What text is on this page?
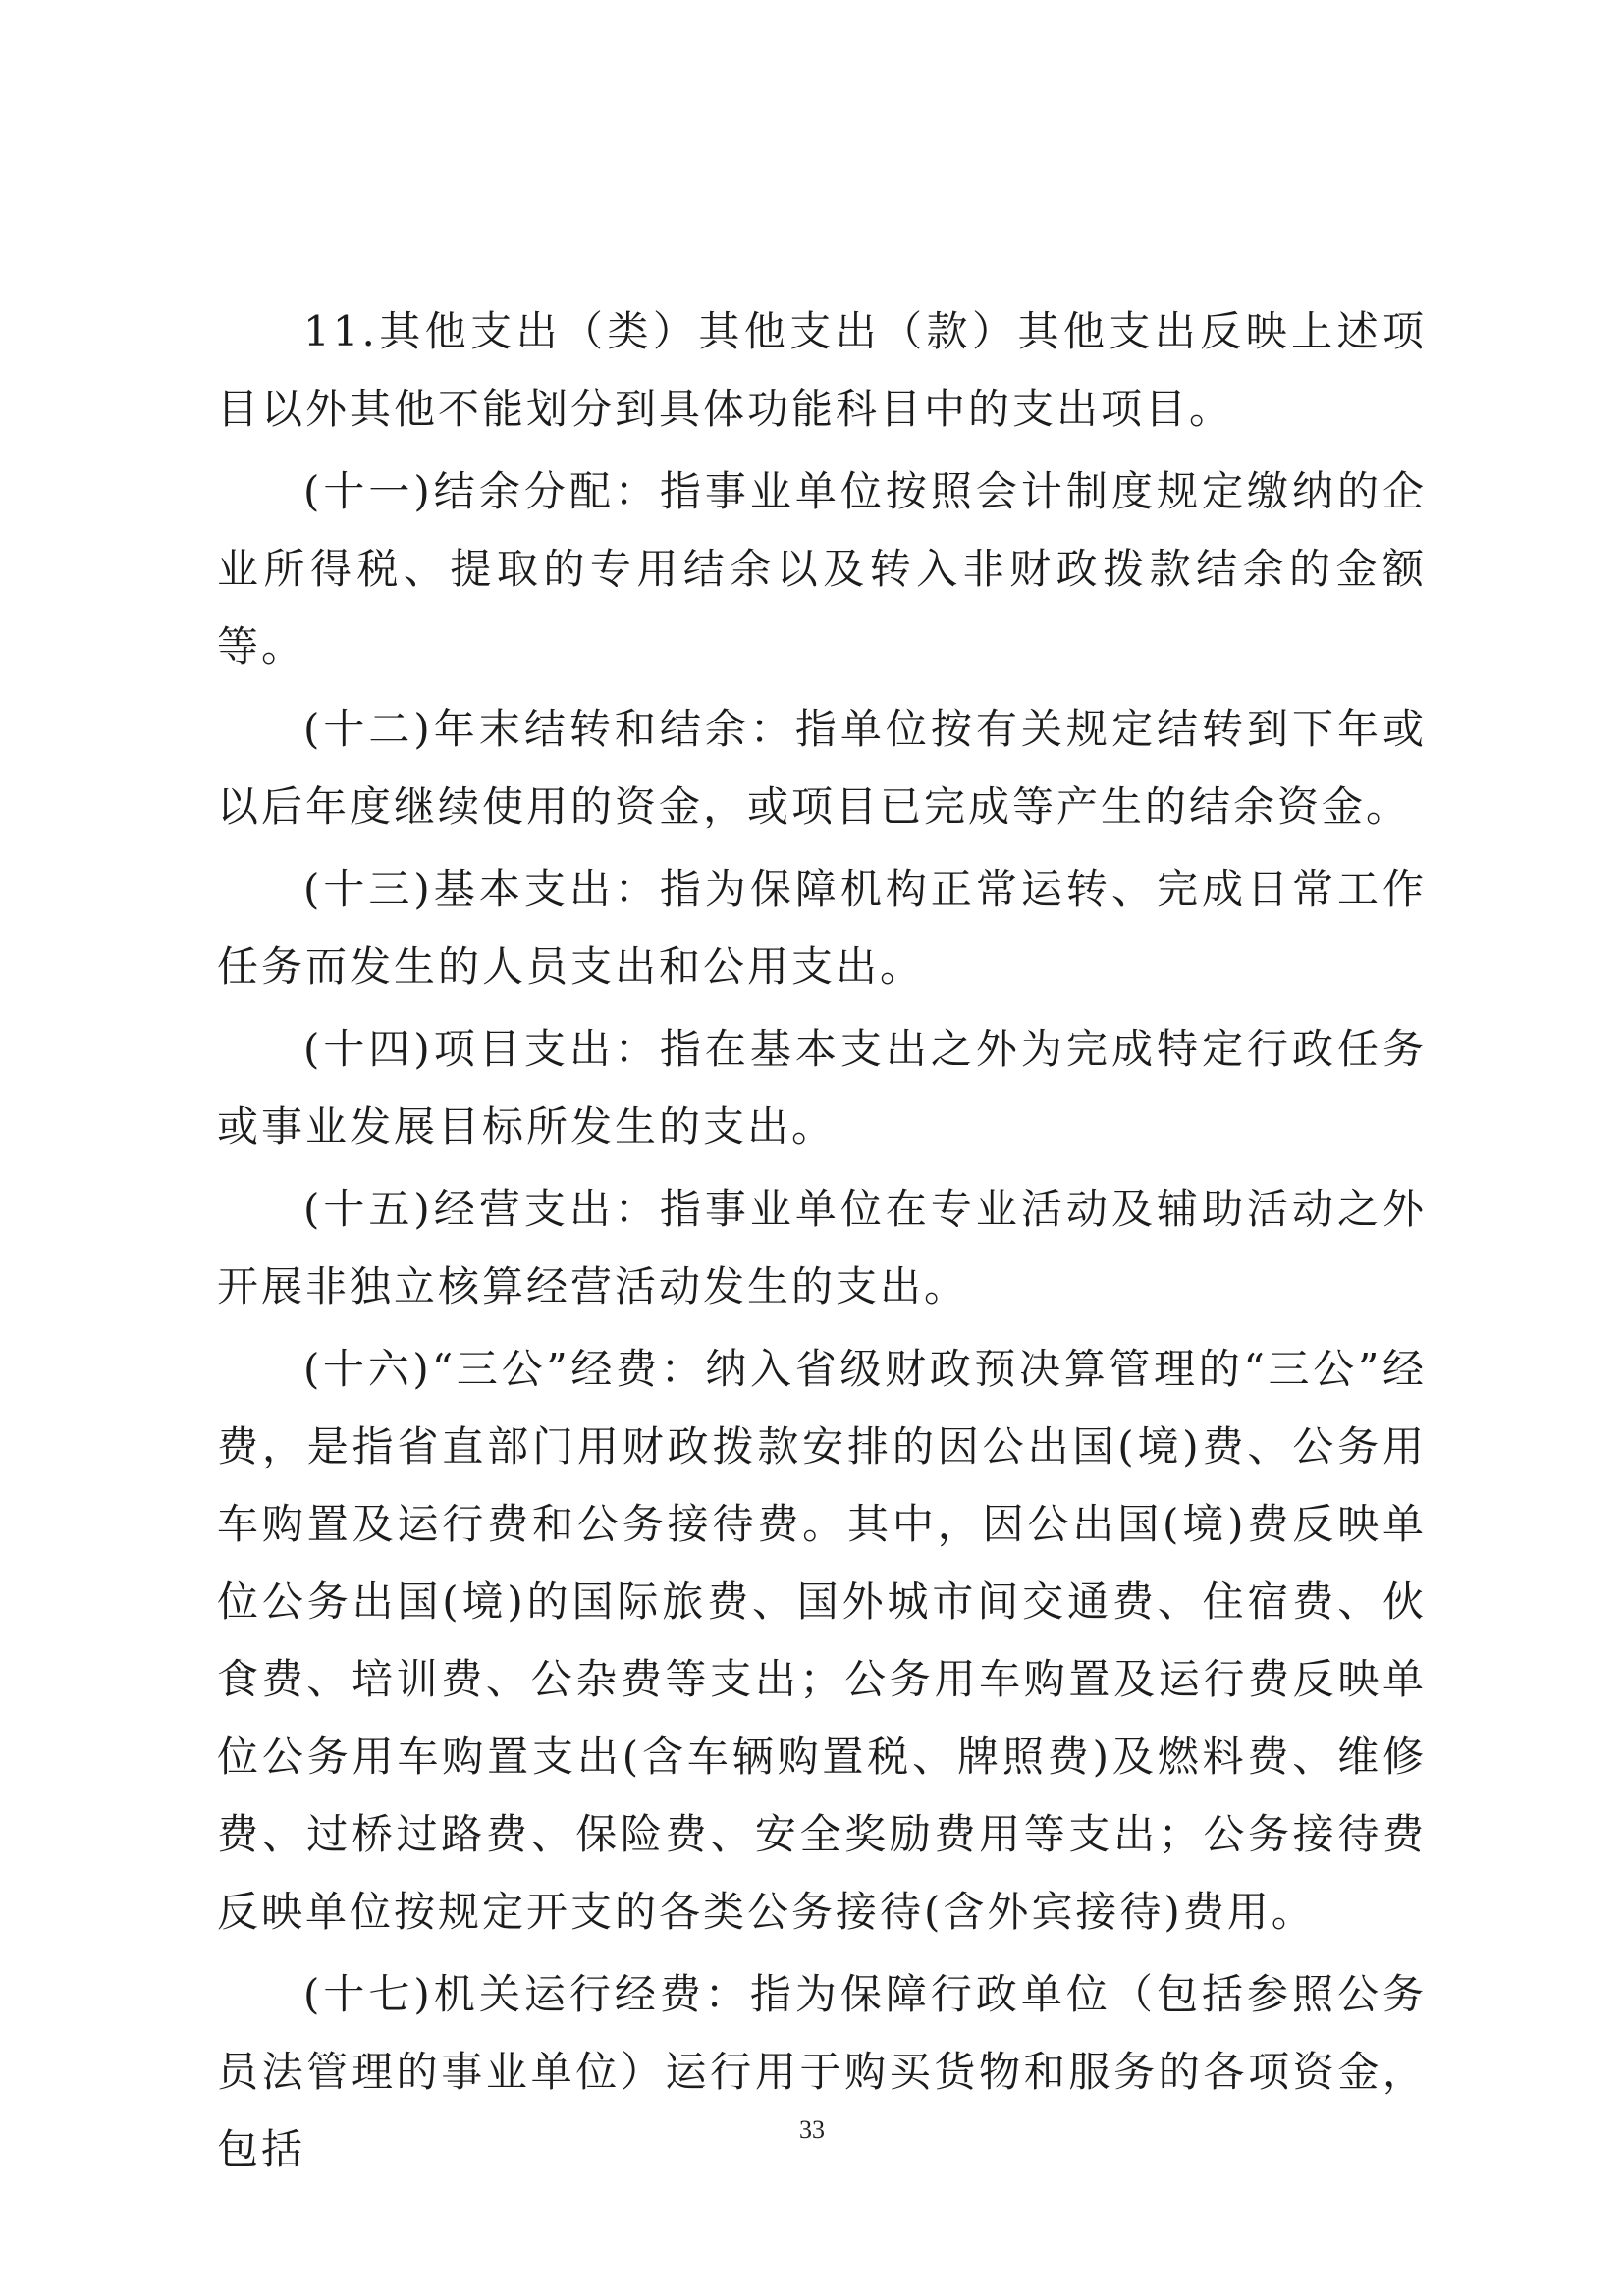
11.其他支出（类）其他支出（款）其他支出反映上述项目以外其他不能划分到具体功能科目中的支出项目。

(十一)结余分配：指事业单位按照会计制度规定缴纳的企业所得税、提取的专用结余以及转入非财政拨款结余的金额等。

(十二)年末结转和结余：指单位按有关规定结转到下年或以后年度继续使用的资金，或项目已完成等产生的结余资金。

(十三)基本支出：指为保障机构正常运转、完成日常工作任务而发生的人员支出和公用支出。

(十四)项目支出：指在基本支出之外为完成特定行政任务或事业发展目标所发生的支出。

(十五)经营支出：指事业单位在专业活动及辅助活动之外开展非独立核算经营活动发生的支出。

(十六)“三公”经费：纳入省级财政预决算管理的“三公”经费，是指省直部门用财政拨款安排的因公出国(境)费、公务用车购置及运行费和公务接待费。其中，因公出国(境)费反映单位公务出国(境)的国际旅费、国外城市间交通费、住宿费、伙食费、培训费、公杂费等支出；公务用车购置及运行费反映单位公务用车购置支出(含车辆购置税、牌照费)及燃料费、维修费、过桥过路费、保险费、安全奖励费用等支出；公务接待费反映单位按规定开支的各类公务接待(含外宾接待)费用。

(十七)机关运行经费：指为保障行政单位（包括参照公务员法管理的事业单位）运行用于购买货物和服务的各项资金，包括	33
